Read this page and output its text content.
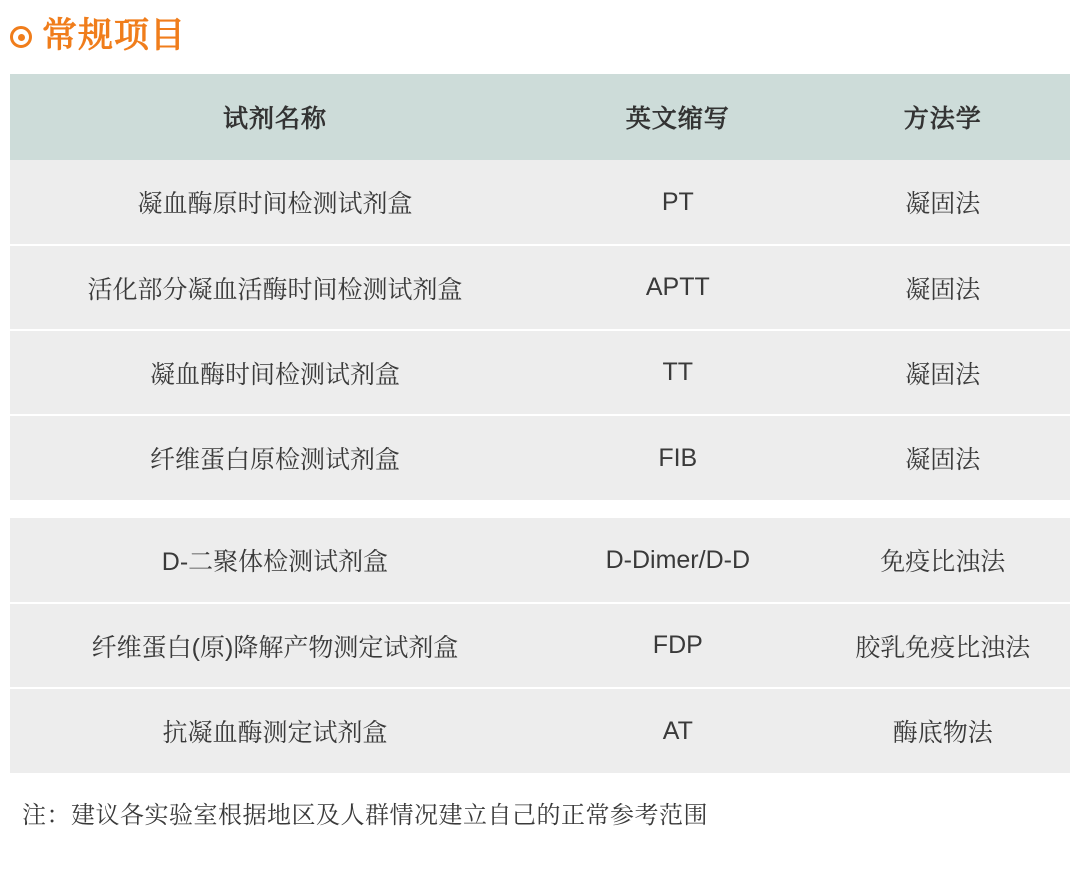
常规项目
试剂名称	英文缩写	方法学
凝血酶原时间检测试剂盒	PT	凝固法
活化部分凝血活酶时间检测试剂盒	APTT	凝固法
凝血酶时间检测试剂盒	TT	凝固法
纤维蛋白原检测试剂盒	FIB	凝固法

D-二聚体检测试剂盒	D-Dimer/D-D	免疫比浊法
纤维蛋白(原)降解产物测定试剂盒	FDP	胶乳免疫比浊法
抗凝血酶测定试剂盒	AT	酶底物法
注：建议各实验室根据地区及人群情况建立自己的正常参考范围
